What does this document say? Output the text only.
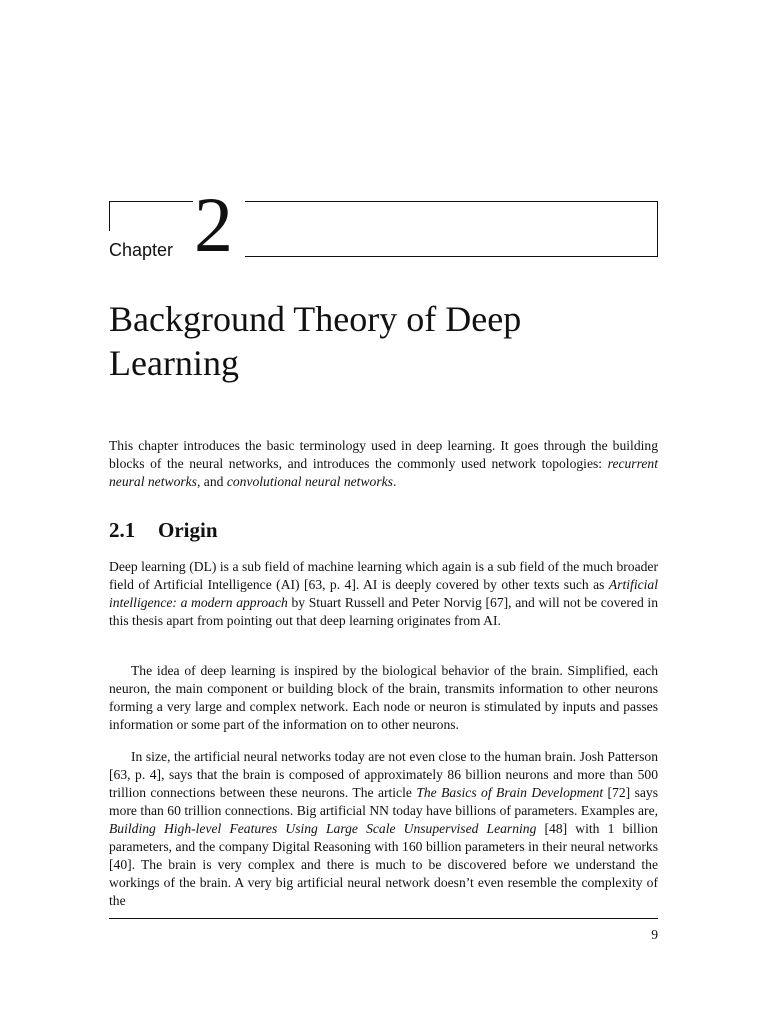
Chapter 2
Background Theory of Deep
Learning

This chapter introduces the basic terminology used in deep learning. It goes through the building blocks of the neural networks, and introduces the commonly used network topologies: recurrent neural networks, and convolutional neural networks.

2.1 Origin

Deep learning (DL) is a sub field of machine learning which again is a sub field of the much broader field of Artificial Intelligence (AI) [63, p. 4]. AI is deeply covered by other texts such as Artificial intelligence: a modern approach by Stuart Russell and Peter Norvig [67], and will not be covered in this thesis apart from pointing out that deep learning originates from AI.

The idea of deep learning is inspired by the biological behavior of the brain. Simplified, each neuron, the main component or building block of the brain, transmits information to other neurons forming a very large and complex network. Each node or neuron is stimulated by inputs and passes information or some part of the information on to other neurons.

In size, the artificial neural networks today are not even close to the human brain. Josh Patterson [63, p. 4], says that the brain is composed of approximately 86 billion neurons and more than 500 trillion connections between these neurons. The article The Basics of Brain Development [72] says more than 60 trillion connections. Big artificial NN today have billions of parameters. Examples are, Building High-level Features Using Large Scale Unsupervised Learning [48] with 1 billion parameters, and the company Digital Reasoning with 160 billion parameters in their neural networks [40]. The brain is very complex and there is much to be discovered before we understand the workings of the brain. A very big artificial neural network doesn’t even resemble the complexity of the

9
